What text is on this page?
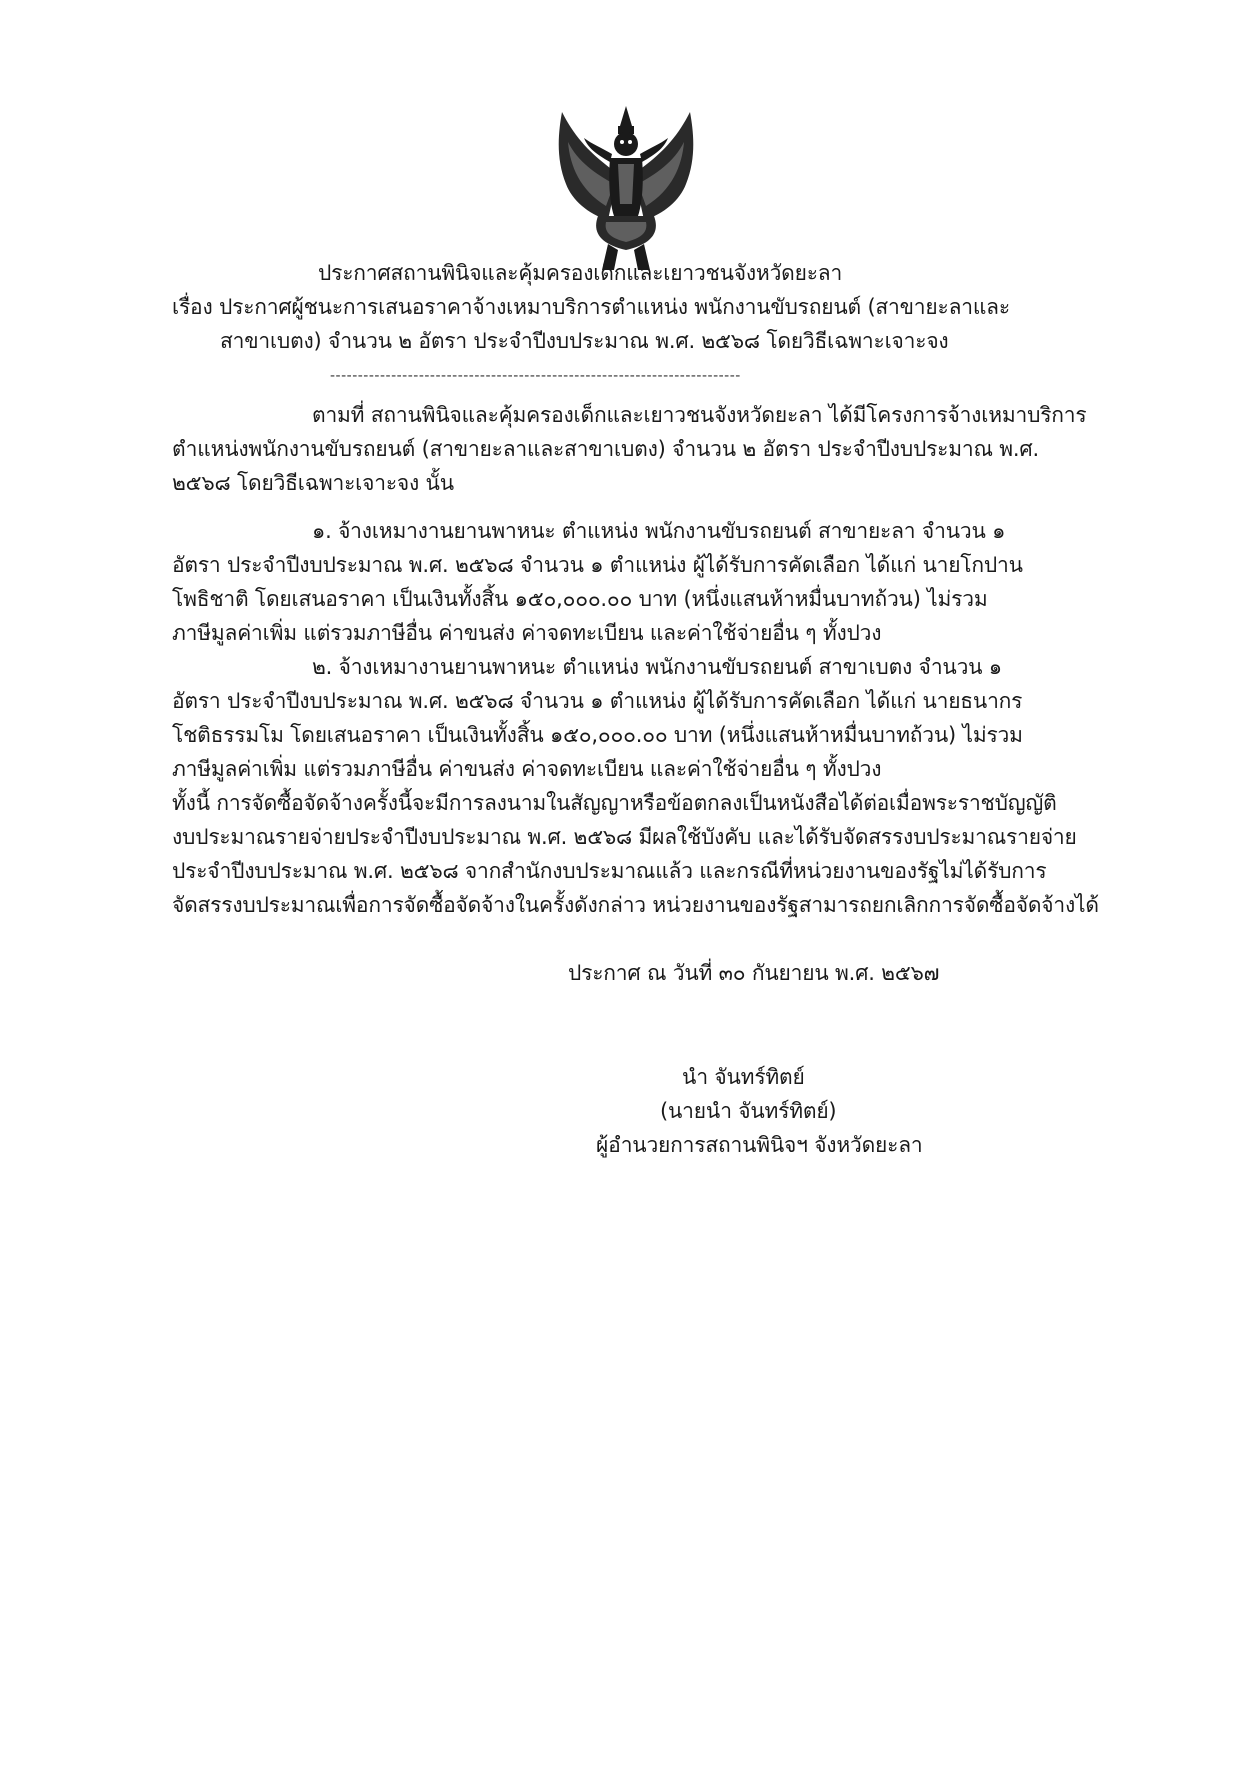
ประกาศสถานพินิจและคุ้มครองเด็กและเยาวชนจังหวัดยะลา
เรื่อง ประกาศผู้ชนะการเสนอราคาจ้างเหมาบริการตำแหน่ง พนักงานขับรถยนต์ (สาขายะลาและ
สาขาเบตง) จำนวน ๒ อัตรา ประจำปีงบประมาณ พ.ศ. ๒๕๖๘ โดยวิธีเฉพาะเจาะจง
--------------------------------------------------------------------------
ตามที่ สถานพินิจและคุ้มครองเด็กและเยาวชนจังหวัดยะลา ได้มีโครงการจ้างเหมาบริการ
ตำแหน่งพนักงานขับรถยนต์ (สาขายะลาและสาขาเบตง) จำนวน ๒ อัตรา ประจำปีงบประมาณ พ.ศ.
๒๕๖๘ โดยวิธีเฉพาะเจาะจง นั้น
๑. จ้างเหมางานยานพาหนะ ตำแหน่ง พนักงานขับรถยนต์ สาขายะลา จำนวน ๑
อัตรา ประจำปีงบประมาณ พ.ศ. ๒๕๖๘ จำนวน ๑ ตำแหน่ง ผู้ได้รับการคัดเลือก ได้แก่ นายโกปาน
โพธิชาติ โดยเสนอราคา เป็นเงินทั้งสิ้น ๑๕๐,๐๐๐.๐๐ บาท (หนึ่งแสนห้าหมื่นบาทถ้วน) ไม่รวม
ภาษีมูลค่าเพิ่ม แต่รวมภาษีอื่น ค่าขนส่ง ค่าจดทะเบียน และค่าใช้จ่ายอื่น ๆ ทั้งปวง
๒. จ้างเหมางานยานพาหนะ ตำแหน่ง พนักงานขับรถยนต์ สาขาเบตง จำนวน ๑
อัตรา ประจำปีงบประมาณ พ.ศ. ๒๕๖๘ จำนวน ๑ ตำแหน่ง ผู้ได้รับการคัดเลือก ได้แก่ นายธนากร
โชติธรรมโม โดยเสนอราคา เป็นเงินทั้งสิ้น ๑๕๐,๐๐๐.๐๐ บาท (หนึ่งแสนห้าหมื่นบาทถ้วน) ไม่รวม
ภาษีมูลค่าเพิ่ม แต่รวมภาษีอื่น ค่าขนส่ง ค่าจดทะเบียน และค่าใช้จ่ายอื่น ๆ ทั้งปวง
ทั้งนี้ การจัดซื้อจัดจ้างครั้งนี้จะมีการลงนามในสัญญาหรือข้อตกลงเป็นหนังสือได้ต่อเมื่อพระราชบัญญัติ
งบประมาณรายจ่ายประจำปีงบประมาณ พ.ศ. ๒๕๖๘ มีผลใช้บังคับ และได้รับจัดสรรงบประมาณรายจ่าย
ประจำปีงบประมาณ พ.ศ. ๒๕๖๘ จากสำนักงบประมาณแล้ว และกรณีที่หน่วยงานของรัฐไม่ได้รับการ
จัดสรรงบประมาณเพื่อการจัดซื้อจัดจ้างในครั้งดังกล่าว หน่วยงานของรัฐสามารถยกเลิกการจัดซื้อจัดจ้างได้
ประกาศ ณ วันที่ ๓๐ กันยายน พ.ศ. ๒๕๖๗
นำ จันทร์ทิตย์
(นายนำ จันทร์ทิตย์)
ผู้อำนวยการสถานพินิจฯ จังหวัดยะลา
